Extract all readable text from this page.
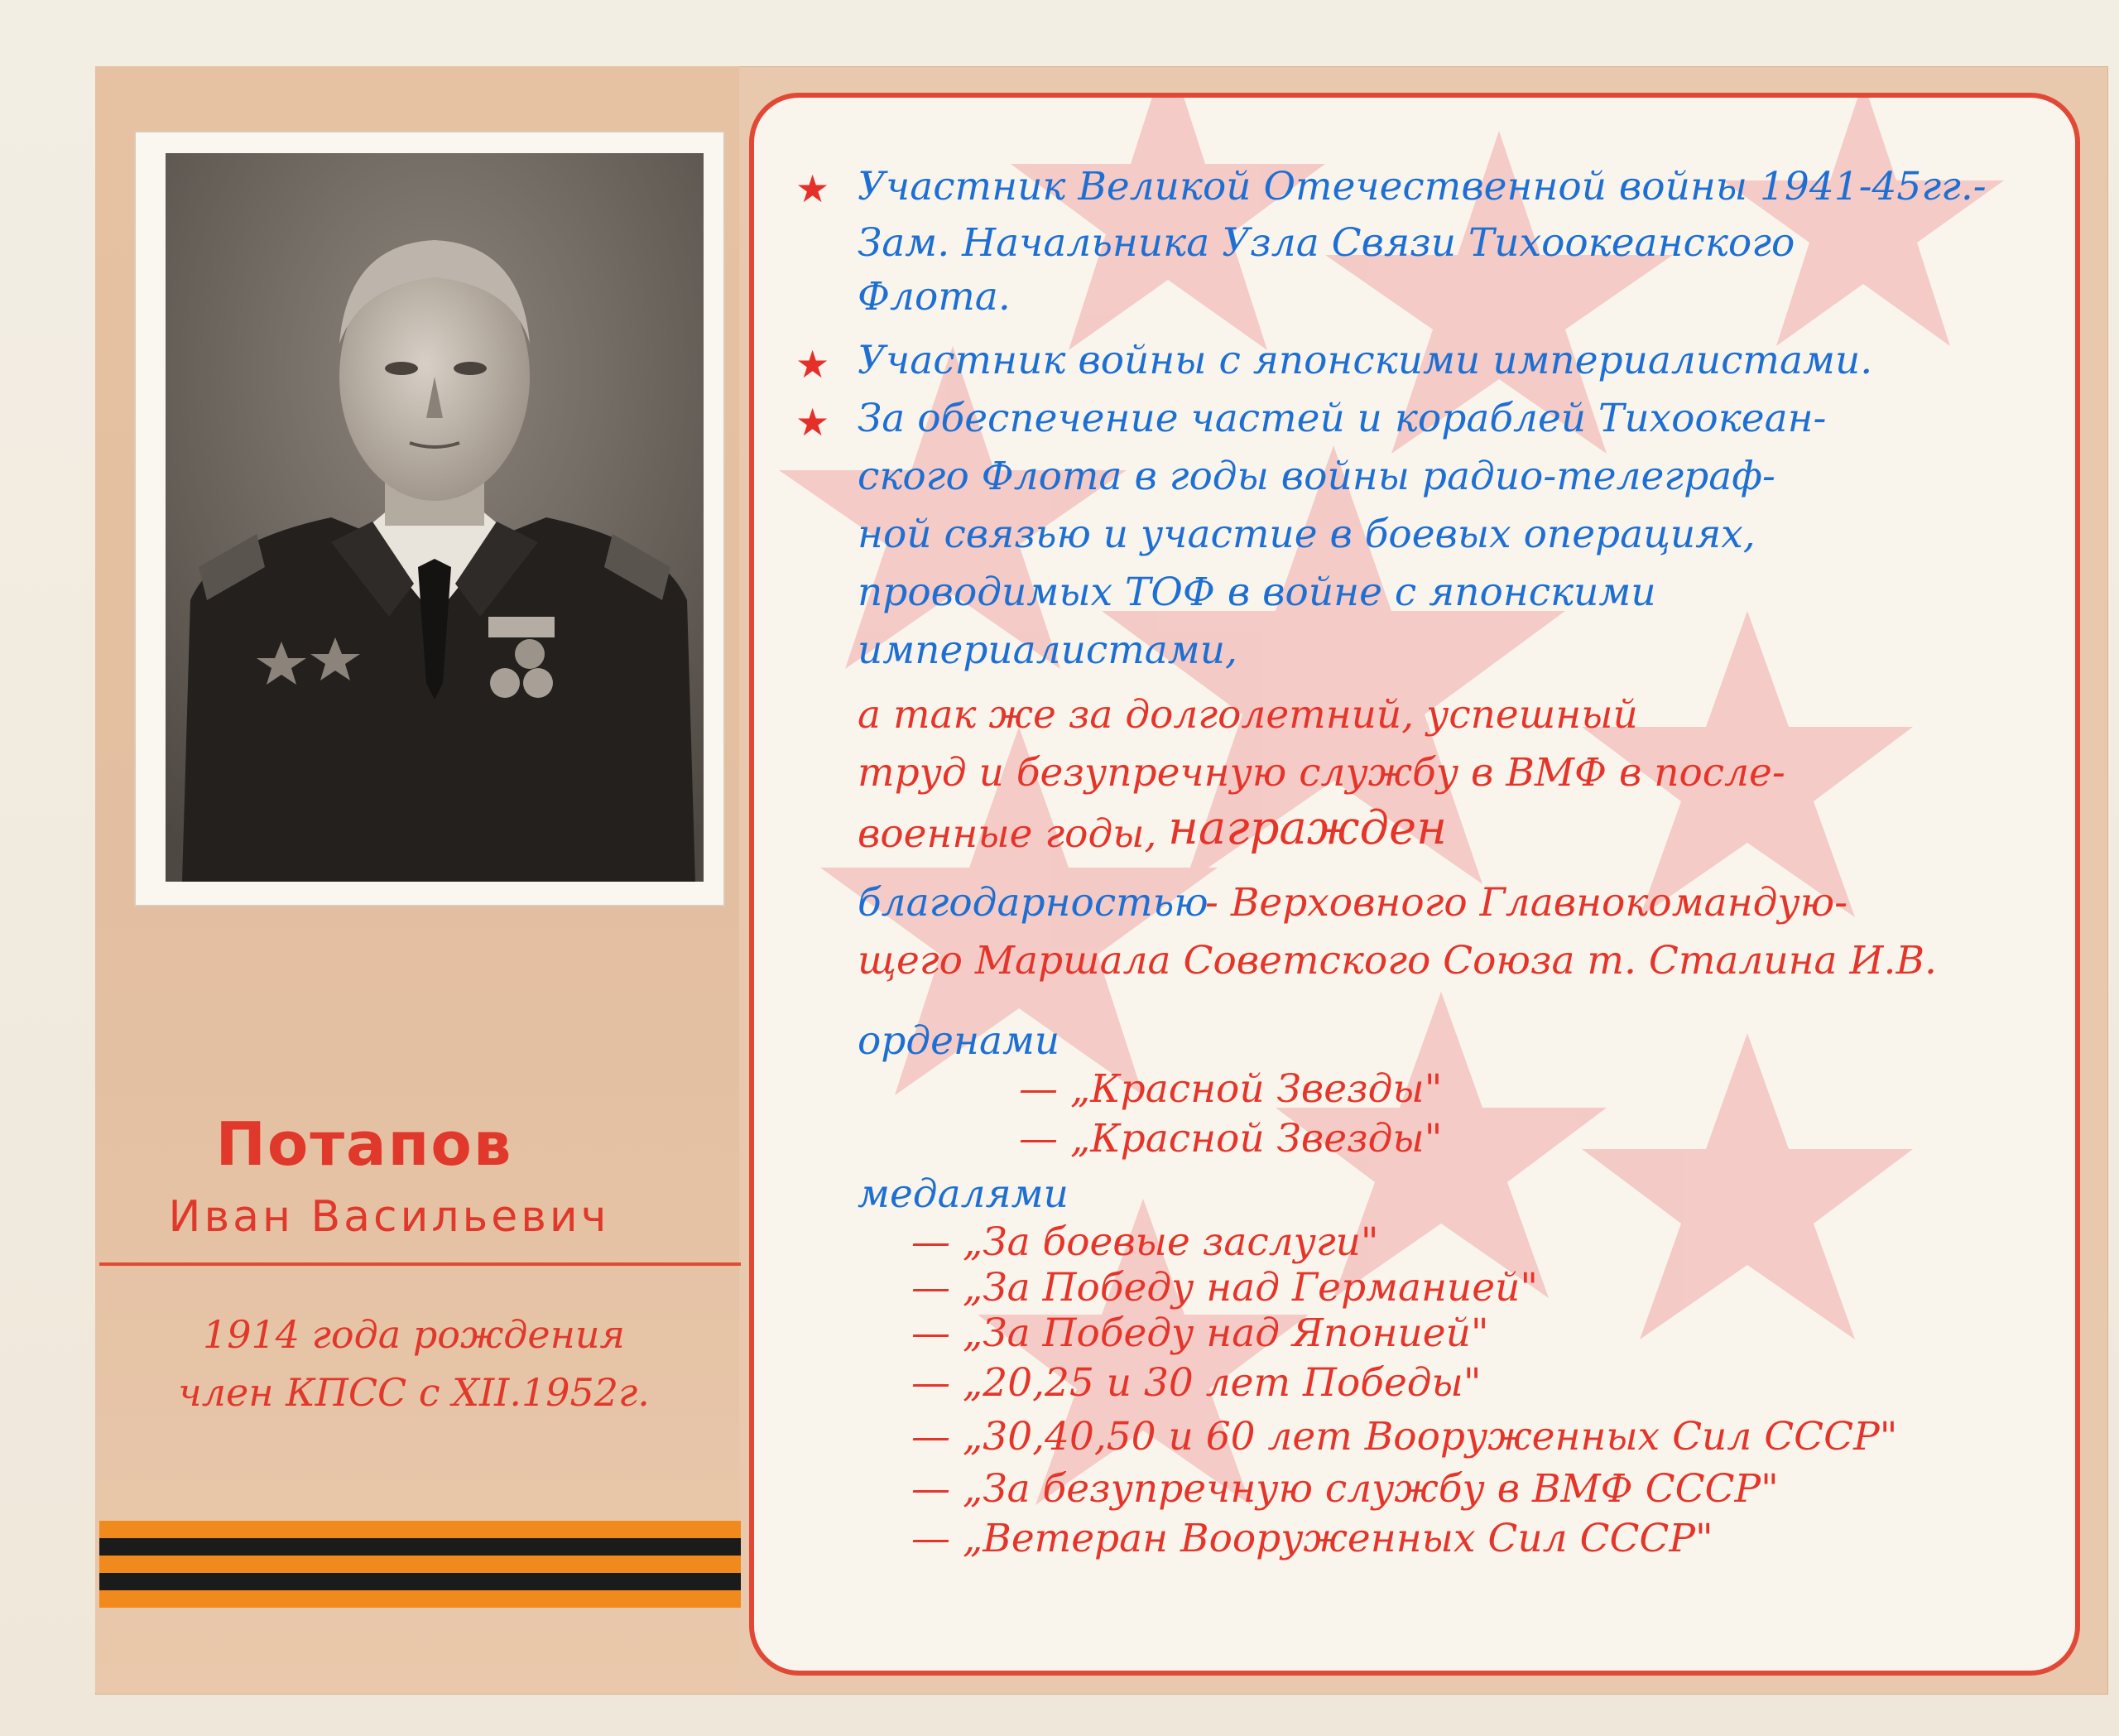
Потапов
Иван Васильевич
1914 года рождения
член КПСС с XII.1952г.
★ Участник Великой Отечественной войны 1941-45гг.-
Зам. Начальника Узла Связи Тихоокеанского
Флота.
★ Участник войны с японскими империалистами.
★ За обеспечение частей и кораблей Тихоокеан-
ского Флота в годы войны радио-телеграф-
ной связью и участие в боевых операциях,
проводимых ТОФ в войне с японскими
империалистами,
а так же за долголетний, успешный
труд и безупречную службу в ВМФ в после-
военные годы, награжден
благодарностью
- Верховного Главнокомандую-
щего Маршала Советского Союза т. Сталина И.В.
орденами
— „Красной Звезды"
— „Красной Звезды"
медалями
— „За боевые заслуги"
— „За Победу над Германией"
— „За Победу над Японией"
— „20,25 и 30 лет Победы"
— „30,40,50 и 60 лет Вооруженных Сил СССР"
— „За безупречную службу в ВМФ СССР"
— „Ветеран Вооруженных Сил СССР"
